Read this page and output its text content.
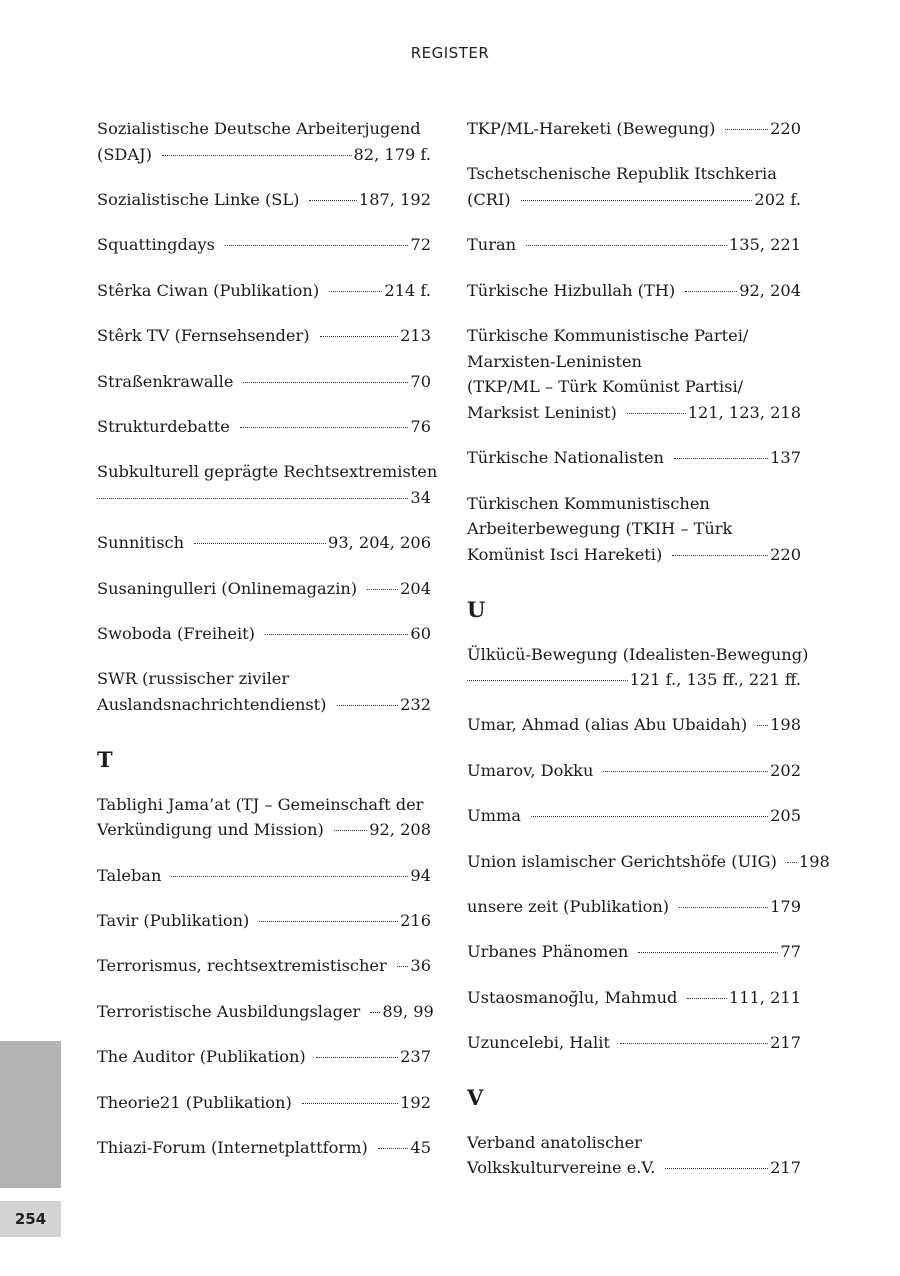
REGISTER
Sozialistische Deutsche Arbeiterjugend
(SDAJ)	82, 179 f.
Sozialistische Linke (SL)	187, 192
Squattingdays	72
Stêrka Ciwan (Publikation)	214 f.
Stêrk TV (Fernsehsender)	213
Straßenkrawalle	70
Strukturdebatte	76
Subkulturell geprägte Rechtsextremisten
34
Sunnitisch	93, 204, 206
Susaningulleri (Onlinemagazin)	204
Swoboda (Freiheit)	60
SWR (russischer ziviler
Auslandsnachrichtendienst)	232
T
Tablighi Jama’at (TJ – Gemeinschaft der
Verkündigung und Mission)	92, 208
Taleban	94
Tavir (Publikation)	216
Terrorismus, rechtsextremistischer 36
Terroristische Ausbildungslager 89, 99
The Auditor (Publikation)	237
Theorie21 (Publikation)	192
Thiazi-Forum (Internetplattform)	45
TKP/ML-Hareketi (Bewegung)	220
Tschetschenische Republik Itschkeria
(CRI)	202 f.
Turan	135, 221
Türkische Hizbullah (TH)	92, 204
Türkische Kommunistische Partei/
Marxisten-Leninisten
(TKP/ML – Türk Komünist Partisi/
Marksist Leninist)	121, 123, 218
Türkische Nationalisten	137
Türkischen Kommunistischen
Arbeiterbewegung (TKIH – Türk
Komünist Isci Hareketi)	220
U
Ülkücü-Bewegung (Idealisten-Bewegung)
121 f., 135 ff., 221 ff.
Umar, Ahmad (alias Abu Ubaidah) 198
Umarov, Dokku	202
Umma	205
Union islamischer Gerichtshöfe (UIG) 198
unsere zeit (Publikation)	179
Urbanes Phänomen	77
Ustaosmanoğlu, Mahmud	111, 211
Uzuncelebi, Halit	217
V
Verband anatolischer
Volkskulturvereine e.V.	217
254
